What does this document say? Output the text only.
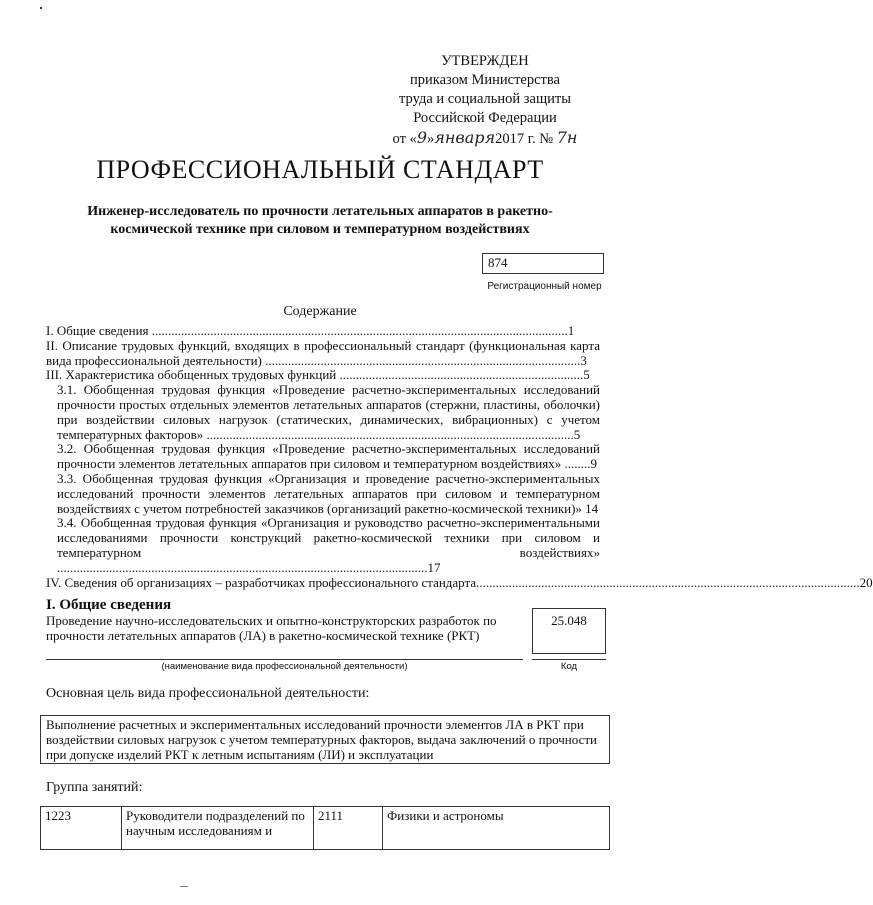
УТВЕРЖДЕН
приказом Министерства
труда и социальной защиты
Российской Федерации
от «9»января2017 г. № 7н
ПРОФЕССИОНАЛЬНЫЙ СТАНДАРТ
Инженер-исследователь по прочности летательных аппаратов в ракетно-космической технике при силовом и температурном воздействиях
874
Регистрационный номер
Содержание
I. Общие сведения ................................................................................................................................1
II. Описание трудовых функций, входящих в профессиональный стандарт (функциональная карта вида профессиональной деятельности) .................................................................................................3
III. Характеристика обобщенных трудовых функций ...........................................................................5
3.1. Обобщенная трудовая функция «Проведение расчетно-экспериментальных исследований прочности простых отдельных элементов летательных аппаратов (стержни, пластины, оболочки) при воздействии силовых нагрузок (статических, динамических, вибрационных) с учетом температурных факторов» .................................................................................................................5
3.2. Обобщенная трудовая функция «Проведение расчетно-экспериментальных исследований прочности элементов летательных аппаратов при силовом и температурном воздействиях» ........9
3.3. Обобщенная трудовая функция «Организация и проведение расчетно-экспериментальных исследований прочности элементов летательных аппаратов при силовом и температурном воздействиях с учетом потребностей заказчиков (организаций ракетно-космической техники)» 14
3.4. Обобщенная трудовая функция «Организация и руководство расчетно-экспериментальными исследованиями прочности конструкций ракетно-космической техники при силовом и температурном воздействиях» ..................................................................................................................17
IV. Сведения об организациях – разработчиках профессионального стандарта ...................................................................................................................... 20
I. Общие сведения
Проведение научно-исследовательских и опытно-конструкторских разработок по прочности летательных аппаратов (ЛА) в ракетно-космической технике (РКТ)
25.048
(наименование вида профессиональной деятельности)	Код
Основная цель вида профессиональной деятельности:
Выполнение расчетных и экспериментальных исследований прочности элементов ЛА в РКТ при воздействии силовых нагрузок с учетом температурных факторов, выдача заключений о прочности при допуске изделий РКТ к летным испытаниям (ЛИ) и эксплуатации
Группа занятий:
1223	Руководители подразделений по научным исследованиям и	2111	Физики и астрономы
